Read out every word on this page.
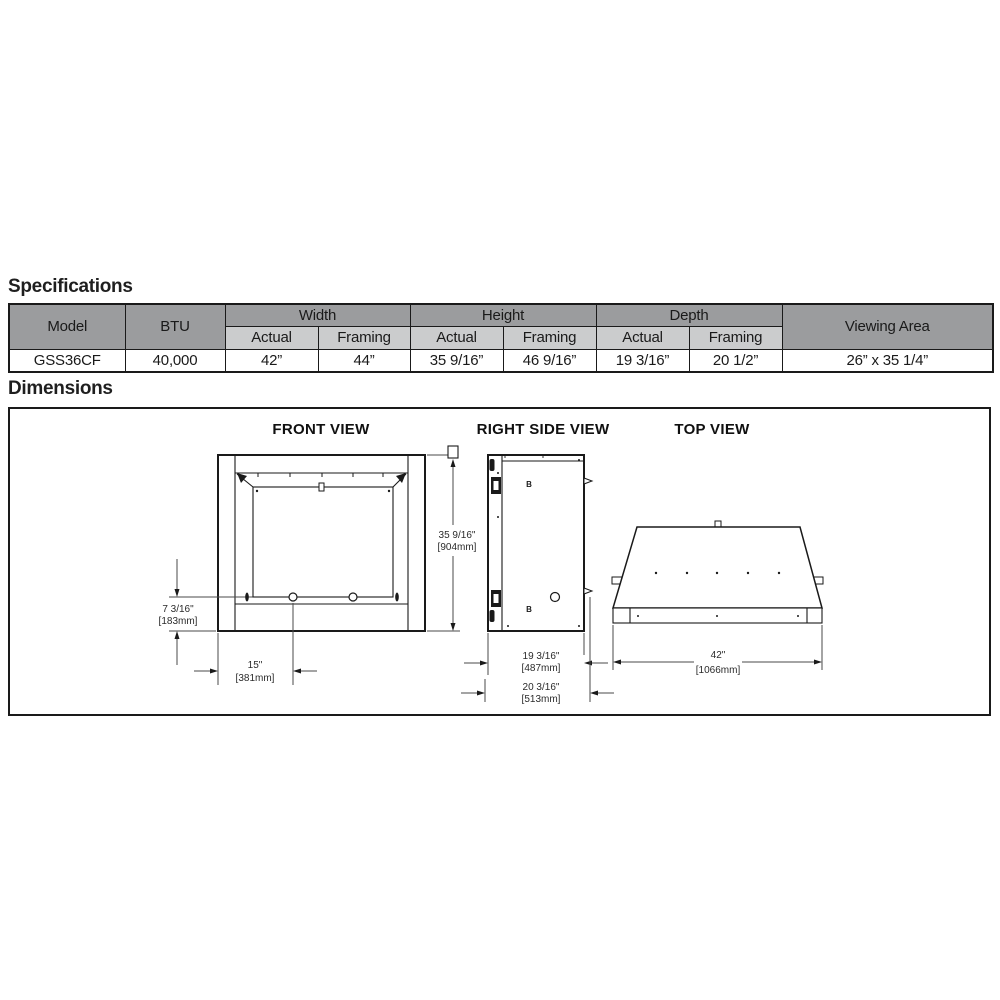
Specifications
Model	BTU	Width		Height		Depth		Viewing Area
		Actual	Framing	Actual	Framing	Actual	Framing	
GSS36CF	40,000	42”	44”	35 9/16”	46 9/16”	19 3/16”	20 1/2”	26” x 35 1/4”
Dimensions
FRONT VIEW
7 3/16"
[183mm]
15"
[381mm]
35 9/16"
[904mm]
RIGHT SIDE VIEW
B
B
19 3/16"
[487mm]
20 3/16"
[513mm]
TOP VIEW
42"
[1066mm]
